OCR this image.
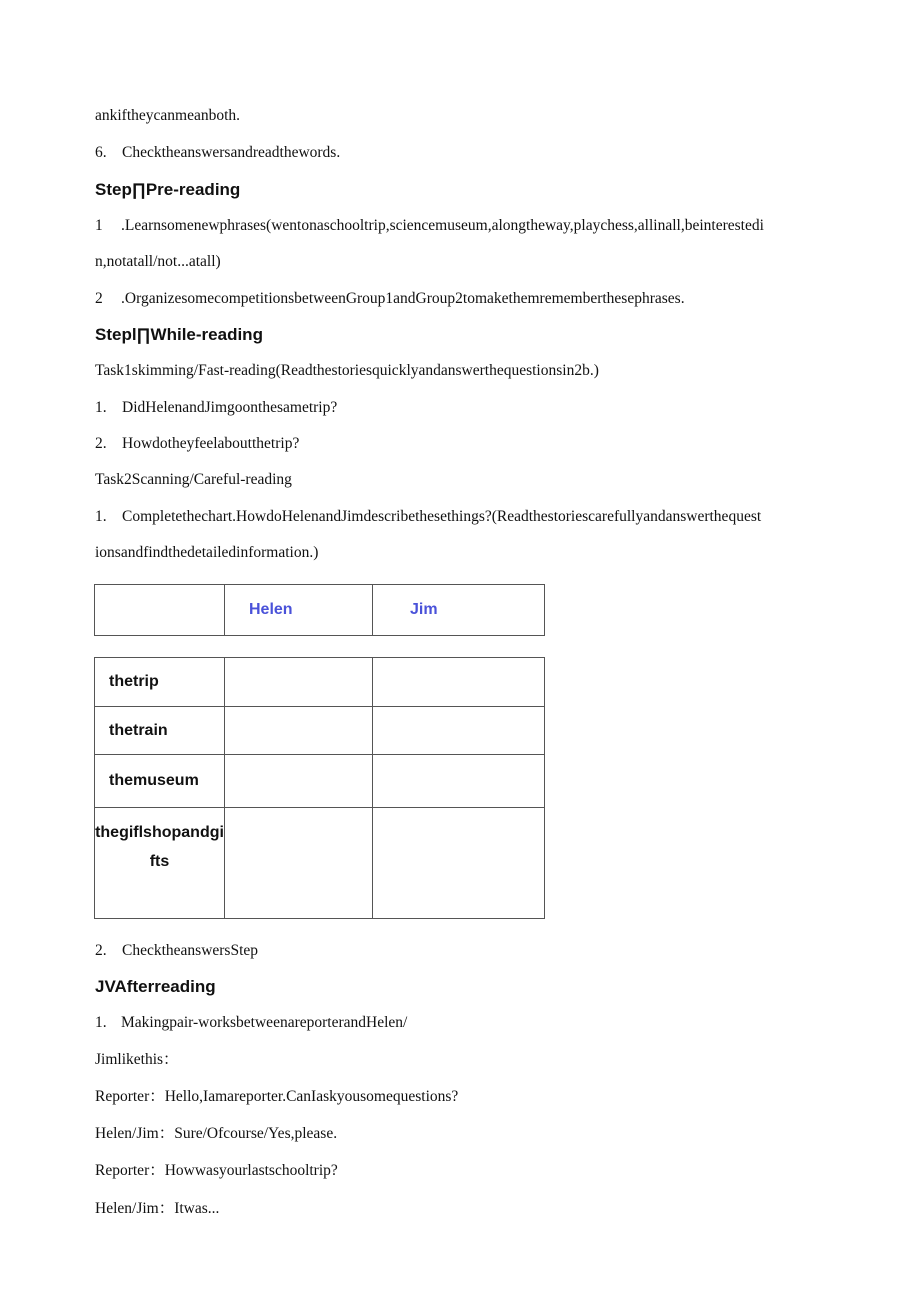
ankiftheycanmeanboth.
6. Checktheanswersandreadthewords.
Step∏Pre-reading
1 .Learnsomenewphrases(wentonaschooltrip,sciencemuseum,alongtheway,playchess,allinall,beinterestedi
n,notatall/not...atall)
2 .OrganizesomecompetitionsbetweenGroup1andGroup2tomakethemrememberthesephrases.
Stepl∏While-reading
Task1skimming/Fast-reading(Readthestoriesquicklyandanswerthequestionsin2b.)
1. DidHelenandJimgoonthesametrip?
2. Howdotheyfeelaboutthetrip?
Task2Scanning/Careful-reading
1. Completethechart.HowdoHelenandJimdescribethesethings?(Readthestoriescarefullyandanswerthequest
ionsandfindthedetailedinformation.)
	Helen	Jim
thetrip		
thetrain		
themuseum		
thegiflshopandgifts		
2. ChecktheanswersStep
JVAfterreading
1. Makingpair-worksbetweenareporterandHelen/
Jimlikethis：
Reporter：Hello,Iamareporter.CanIaskyousomequestions?
Helen/Jim：Sure/Ofcourse/Yes,please.
Reporter：Howwasyourlastschooltrip?
Helen/Jim：Itwas...
